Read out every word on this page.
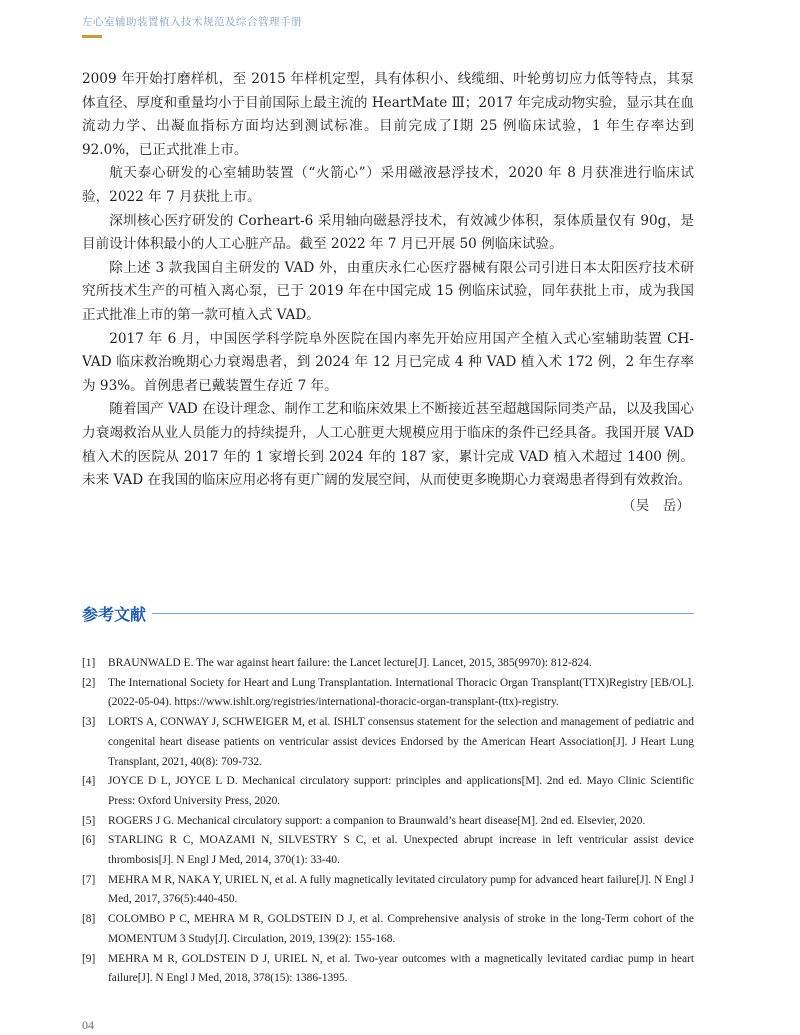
左心室辅助装置植入技术规范及综合管理手册

2009 年开始打磨样机，至 2015 年样机定型，具有体积小、线缆细、叶轮剪切应力低等特点，其泵体直径、厚度和重量均小于目前国际上最主流的 HeartMate Ⅲ；2017 年完成动物实验，显示其在血流动力学、出凝血指标方面均达到测试标准。目前完成了Ⅰ期 25 例临床试验，1 年生存率达到 92.0%，已正式批准上市。

航天泰心研发的心室辅助装置（“火箭心”）采用磁液悬浮技术，2020 年 8 月获准进行临床试验，2022 年 7 月获批上市。

深圳核心医疗研发的 Corheart-6 采用轴向磁悬浮技术，有效减少体积，泵体质量仅有 90g，是目前设计体积最小的人工心脏产品。截至 2022 年 7 月已开展 50 例临床试验。

除上述 3 款我国自主研发的 VAD 外，由重庆永仁心医疗器械有限公司引进日本太阳医疗技术研究所技术生产的可植入离心泵，已于 2019 年在中国完成 15 例临床试验，同年获批上市，成为我国正式批准上市的第一款可植入式 VAD。

2017 年 6 月，中国医学科学院阜外医院在国内率先开始应用国产全植入式心室辅助装置 CH-VAD 临床救治晚期心力衰竭患者，到 2024 年 12 月已完成 4 种 VAD 植入术 172 例，2 年生存率为 93%。首例患者已戴装置生存近 7 年。

随着国产 VAD 在设计理念、制作工艺和临床效果上不断接近甚至超越国际同类产品，以及我国心力衰竭救治从业人员能力的持续提升，人工心脏更大规模应用于临床的条件已经具备。我国开展 VAD 植入术的医院从 2017 年的 1 家增长到 2024 年的 187 家，累计完成 VAD 植入术超过 1400 例。未来 VAD 在我国的临床应用必将有更广阔的发展空间，从而使更多晚期心力衰竭患者得到有效救治。

（吴　岳）

参考文献
[1] BRAUNWALD E. The war against heart failure: the Lancet lecture[J]. Lancet, 2015, 385(9970): 812-824.
[2] The International Society for Heart and Lung Transplantation. International Thoracic Organ Transplant(TTX)Registry [EB/OL]. (2022-05-04). https://www.ishlt.org/registries/international-thoracic-organ-transplant-(ttx)-registry.
[3] LORTS A, CONWAY J, SCHWEIGER M, et al. ISHLT consensus statement for the selection and management of pediatric and congenital heart disease patients on ventricular assist devices Endorsed by the American Heart Association[J]. J Heart Lung Transplant, 2021, 40(8): 709-732.
[4] JOYCE D L, JOYCE L D. Mechanical circulatory support: principles and applications[M]. 2nd ed. Mayo Clinic Scientific Press: Oxford University Press, 2020.
[5] ROGERS J G. Mechanical circulatory support: a companion to Braunwald’s heart disease[M]. 2nd ed. Elsevier, 2020.
[6] STARLING R C, MOAZAMI N, SILVESTRY S C, et al. Unexpected abrupt increase in left ventricular assist device thrombosis[J]. N Engl J Med, 2014, 370(1): 33-40.
[7] MEHRA M R, NAKA Y, URIEL N, et al. A fully magnetically levitated circulatory pump for advanced heart failure[J]. N Engl J Med, 2017, 376(5):440-450.
[8] COLOMBO P C, MEHRA M R, GOLDSTEIN D J, et al. Comprehensive analysis of stroke in the long-Term cohort of the MOMENTUM 3 Study[J]. Circulation, 2019, 139(2): 155-168.
[9] MEHRA M R, GOLDSTEIN D J, URIEL N, et al. Two-year outcomes with a magnetically levitated cardiac pump in heart failure[J]. N Engl J Med, 2018, 378(15): 1386-1395.
04
